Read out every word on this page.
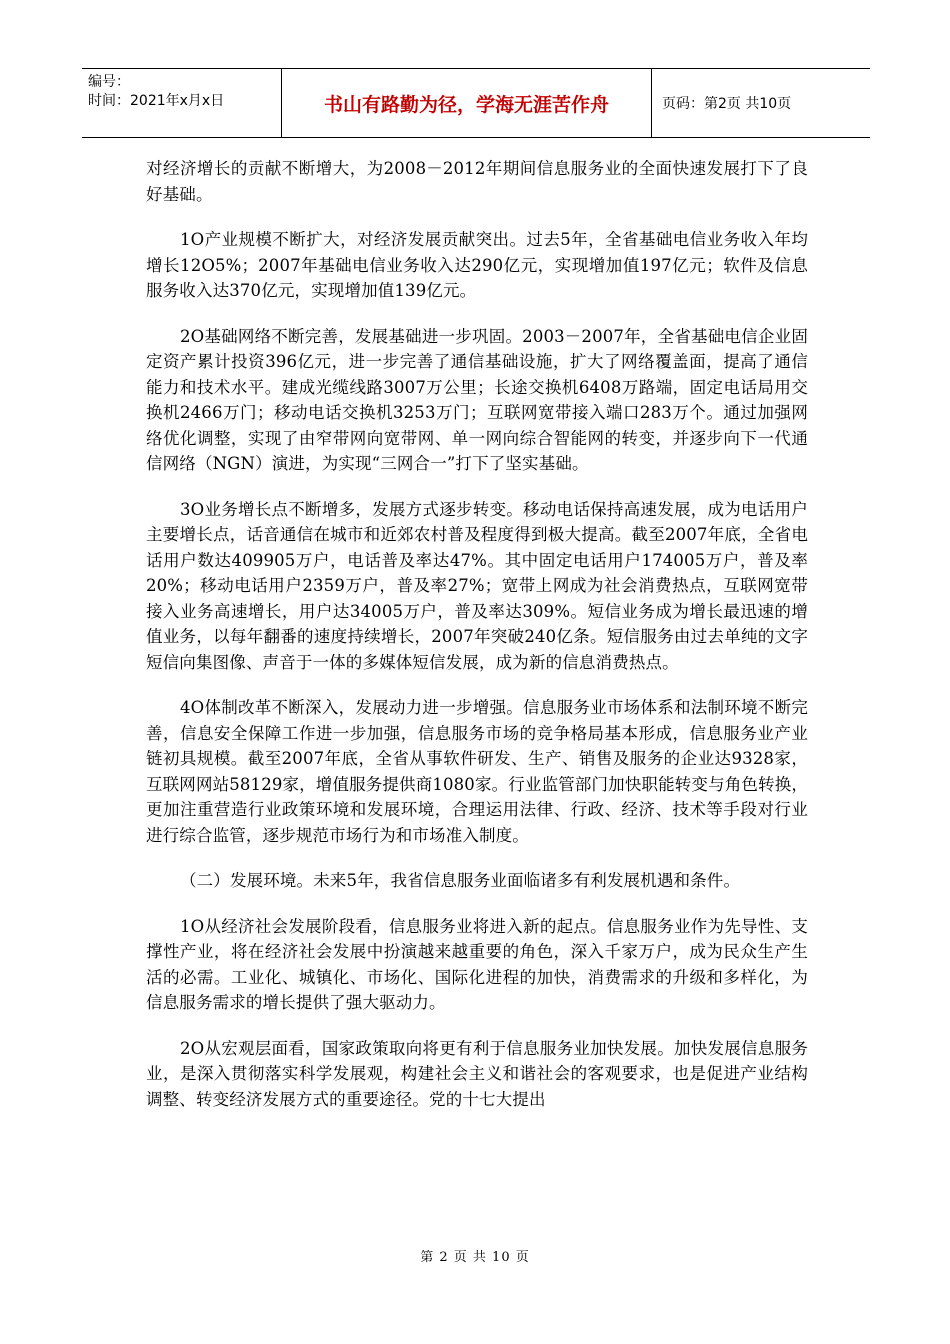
编号：
时间：2021年x月x日	书山有路勤为径，学海无涯苦作舟	页码：第2页 共10页

对经济增长的贡献不断增大，为2008－2012年期间信息服务业的全面快速发展打下了良好基础。

1O产业规模不断扩大，对经济发展贡献突出。过去5年，全省基础电信业务收入年均增长12O5%；2007年基础电信业务收入达290亿元，实现增加值197亿元；软件及信息服务收入达370亿元，实现增加值139亿元。

2O基础网络不断完善，发展基础进一步巩固。2003－2007年，全省基础电信企业固定资产累计投资396亿元，进一步完善了通信基础设施，扩大了网络覆盖面，提高了通信能力和技术水平。建成光缆线路3007万公里；长途交换机6408万路端，固定电话局用交换机2466万门；移动电话交换机3253万门；互联网宽带接入端口283万个。通过加强网络优化调整，实现了由窄带网向宽带网、单一网向综合智能网的转变，并逐步向下一代通信网络（NGN）演进，为实现“三网合一”打下了坚实基础。

3O业务增长点不断增多，发展方式逐步转变。移动电话保持高速发展，成为电话用户主要增长点，话音通信在城市和近郊农村普及程度得到极大提高。截至2007年底，全省电话用户数达409905万户，电话普及率达47%。其中固定电话用户174005万户，普及率20%；移动电话用户2359万户，普及率27%；宽带上网成为社会消费热点，互联网宽带接入业务高速增长，用户达34005万户，普及率达309%。短信业务成为增长最迅速的增值业务，以每年翻番的速度持续增长，2007年突破240亿条。短信服务由过去单纯的文字短信向集图像、声音于一体的多媒体短信发展，成为新的信息消费热点。

4O体制改革不断深入，发展动力进一步增强。信息服务业市场体系和法制环境不断完善，信息安全保障工作进一步加强，信息服务市场的竞争格局基本形成，信息服务业产业链初具规模。截至2007年底，全省从事软件研发、生产、销售及服务的企业达9328家，互联网网站58129家，增值服务提供商1080家。行业监管部门加快职能转变与角色转换，更加注重营造行业政策环境和发展环境，合理运用法律、行政、经济、技术等手段对行业进行综合监管，逐步规范市场行为和市场准入制度。

（二）发展环境。未来5年，我省信息服务业面临诸多有利发展机遇和条件。

1O从经济社会发展阶段看，信息服务业将进入新的起点。信息服务业作为先导性、支撑性产业，将在经济社会发展中扮演越来越重要的角色，深入千家万户，成为民众生产生活的必需。工业化、城镇化、市场化、国际化进程的加快，消费需求的升级和多样化，为信息服务需求的增长提供了强大驱动力。

2O从宏观层面看，国家政策取向将更有利于信息服务业加快发展。加快发展信息服务业，是深入贯彻落实科学发展观，构建社会主义和谐社会的客观要求，也是促进产业结构调整、转变经济发展方式的重要途径。党的十七大提出

第 2 页 共 10 页
